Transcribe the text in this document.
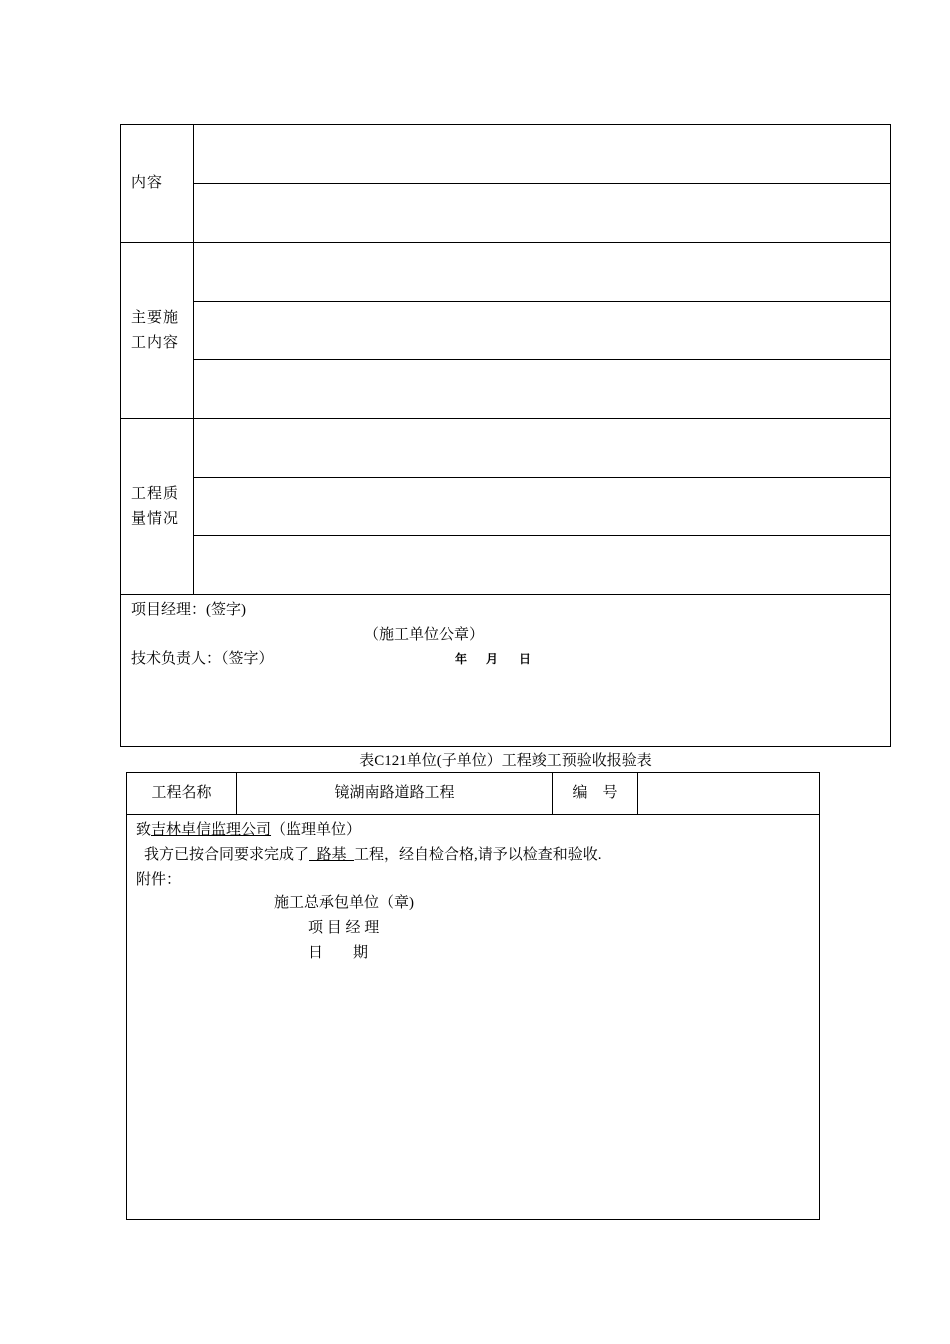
内容
主要施工内容
工程质量情况
项目经理：(签字)
（施工单位公章）
技术负责人：（签字）	年 月 日
表C121单位(子单位）工程竣工预验收报验表
工程名称	镜湖南路道路工程	编　号
致吉林卓信监理公司（监理单位）
我方已按合同要求完成了  路基  工程，经自检合格,请予以检查和验收.
附件：
施工总承包单位（章)
项 目 经 理
日　　期
